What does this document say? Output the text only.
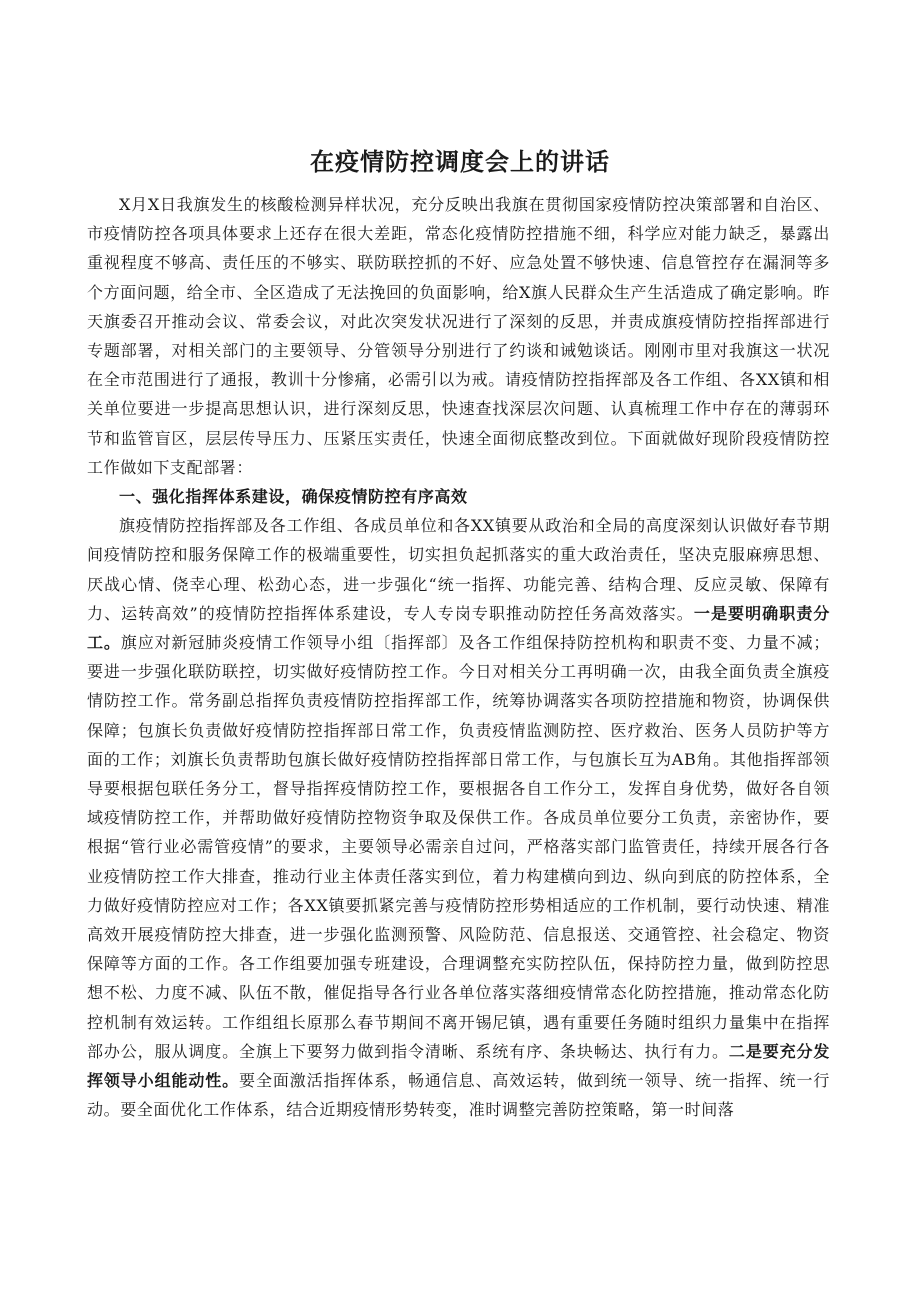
在疫情防控调度会上的讲话

X月X日我旗发生的核酸检测异样状况，充分反映出我旗在贯彻国家疫情防控决策部署和自治区、市疫情防控各项具体要求上还存在很大差距，常态化疫情防控措施不细，科学应对能力缺乏，暴露出重视程度不够高、责任压的不够实、联防联控抓的不好、应急处置不够快速、信息管控存在漏洞等多个方面问题，给全市、全区造成了无法挽回的负面影响，给X旗人民群众生产生活造成了确定影响。昨天旗委召开推动会议、常委会议，对此次突发状况进行了深刻的反思，并责成旗疫情防控指挥部进行专题部署，对相关部门的主要领导、分管领导分别进行了约谈和诫勉谈话。刚刚市里对我旗这一状况在全市范围进行了通报，教训十分惨痛，必需引以为戒。请疫情防控指挥部及各工作组、各XX镇和相关单位要进一步提高思想认识，进行深刻反思，快速查找深层次问题、认真梳理工作中存在的薄弱环节和监管盲区，层层传导压力、压紧压实责任，快速全面彻底整改到位。下面就做好现阶段疫情防控工作做如下支配部署：

一、强化指挥体系建设，确保疫情防控有序高效

旗疫情防控指挥部及各工作组、各成员单位和各XX镇要从政治和全局的高度深刻认识做好春节期间疫情防控和服务保障工作的极端重要性，切实担负起抓落实的重大政治责任，坚决克服麻痹思想、厌战心情、侥幸心理、松劲心态，进一步强化“统一指挥、功能完善、结构合理、反应灵敏、保障有力、运转高效”的疫情防控指挥体系建设，专人专岗专职推动防控任务高效落实。一是要明确职责分工。旗应对新冠肺炎疫情工作领导小组〔指挥部〕及各工作组保持防控机构和职责不变、力量不减；要进一步强化联防联控，切实做好疫情防控工作。今日对相关分工再明确一次，由我全面负责全旗疫情防控工作。常务副总指挥负责疫情防控指挥部工作，统筹协调落实各项防控措施和物资，协调保供保障；包旗长负责做好疫情防控指挥部日常工作，负责疫情监测防控、医疗救治、医务人员防护等方面的工作；刘旗长负责帮助包旗长做好疫情防控指挥部日常工作，与包旗长互为AB角。其他指挥部领导要根据包联任务分工，督导指挥疫情防控工作，要根据各自工作分工，发挥自身优势，做好各自领域疫情防控工作，并帮助做好疫情防控物资争取及保供工作。各成员单位要分工负责，亲密协作，要根据“管行业必需管疫情”的要求，主要领导必需亲自过问，严格落实部门监管责任，持续开展各行各业疫情防控工作大排查，推动行业主体责任落实到位，着力构建横向到边、纵向到底的防控体系，全力做好疫情防控应对工作；各XX镇要抓紧完善与疫情防控形势相适应的工作机制，要行动快速、精准高效开展疫情防控大排查，进一步强化监测预警、风险防范、信息报送、交通管控、社会稳定、物资保障等方面的工作。各工作组要加强专班建设，合理调整充实防控队伍，保持防控力量，做到防控思想不松、力度不减、队伍不散，催促指导各行业各单位落实落细疫情常态化防控措施，推动常态化防控机制有效运转。工作组组长原那么春节期间不离开锡尼镇，遇有重要任务随时组织力量集中在指挥部办公，服从调度。全旗上下要努力做到指令清晰、系统有序、条块畅达、执行有力。二是要充分发挥领导小组能动性。要全面激活指挥体系，畅通信息、高效运转，做到统一领导、统一指挥、统一行动。要全面优化工作体系，结合近期疫情形势转变，准时调整完善防控策略，第一时间落
